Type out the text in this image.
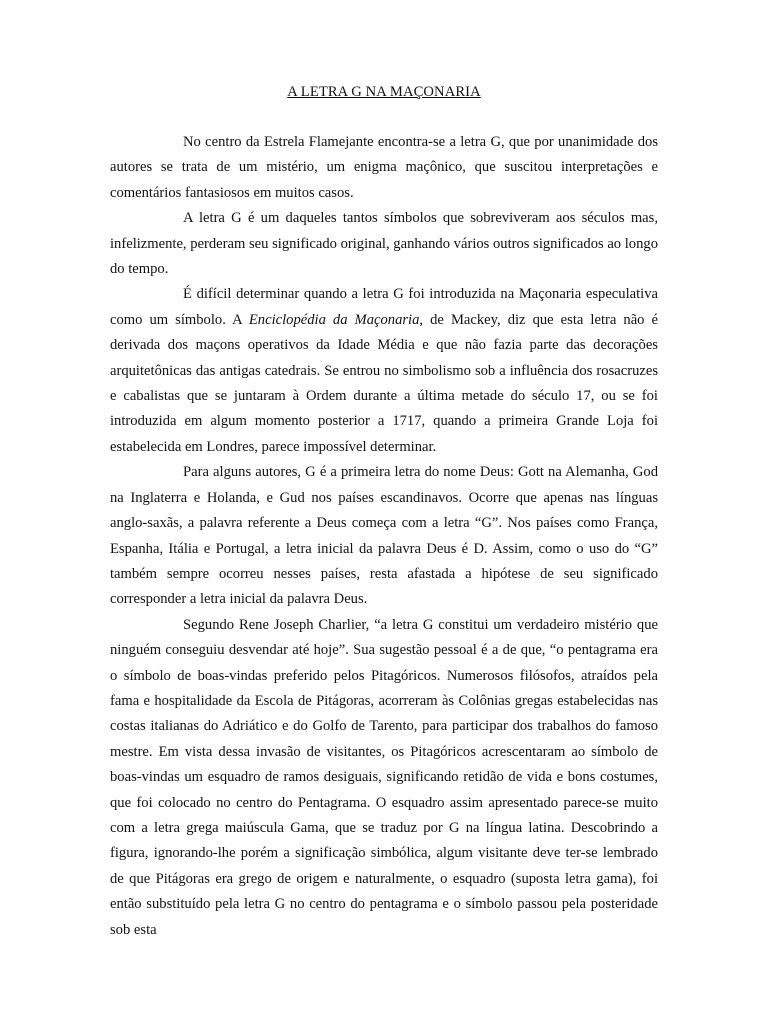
A LETRA G NA MAÇONARIA

No centro da Estrela Flamejante encontra-se a letra G, que por unanimidade dos autores se trata de um mistério, um enigma maçônico, que suscitou interpretações e comentários fantasiosos em muitos casos.

A letra G é um daqueles tantos símbolos que sobreviveram aos séculos mas, infelizmente, perderam seu significado original, ganhando vários outros significados ao longo do tempo.

É difícil determinar quando a letra G foi introduzida na Maçonaria especulativa como um símbolo. A Enciclopédia da Maçonaria, de Mackey, diz que esta letra não é derivada dos maçons operativos da Idade Média e que não fazia parte das decorações arquitetônicas das antigas catedrais. Se entrou no simbolismo sob a influência dos rosacruzes e cabalistas que se juntaram à Ordem durante a última metade do século 17, ou se foi introduzida em algum momento posterior a 1717, quando a primeira Grande Loja foi estabelecida em Londres, parece impossível determinar.

Para alguns autores, G é a primeira letra do nome Deus: Gott na Alemanha, God na Inglaterra e Holanda, e Gud nos países escandinavos. Ocorre que apenas nas línguas anglo-saxãs, a palavra referente a Deus começa com a letra “G”. Nos países como França, Espanha, Itália e Portugal, a letra inicial da palavra Deus é D. Assim, como o uso do “G” também sempre ocorreu nesses países, resta afastada a hipótese de seu significado corresponder a letra inicial da palavra Deus.

Segundo Rene Joseph Charlier, “a letra G constitui um verdadeiro mistério que ninguém conseguiu desvendar até hoje”. Sua sugestão pessoal é a de que, “o pentagrama era o símbolo de boas-vindas preferido pelos Pitagóricos. Numerosos filósofos, atraídos pela fama e hospitalidade da Escola de Pitágoras, acorreram às Colônias gregas estabelecidas nas costas italianas do Adriático e do Golfo de Tarento, para participar dos trabalhos do famoso mestre. Em vista dessa invasão de visitantes, os Pitagóricos acrescentaram ao símbolo de boas-vindas um esquadro de ramos desiguais, significando retidão de vida e bons costumes, que foi colocado no centro do Pentagrama. O esquadro assim apresentado parece-se muito com a letra grega maiúscula Gama, que se traduz por G na língua latina. Descobrindo a figura, ignorando-lhe porém a significação simbólica, algum visitante deve ter-se lembrado de que Pitágoras era grego de origem e naturalmente, o esquadro (suposta letra gama), foi então substituído pela letra G no centro do pentagrama e o símbolo passou pela posteridade sob esta
